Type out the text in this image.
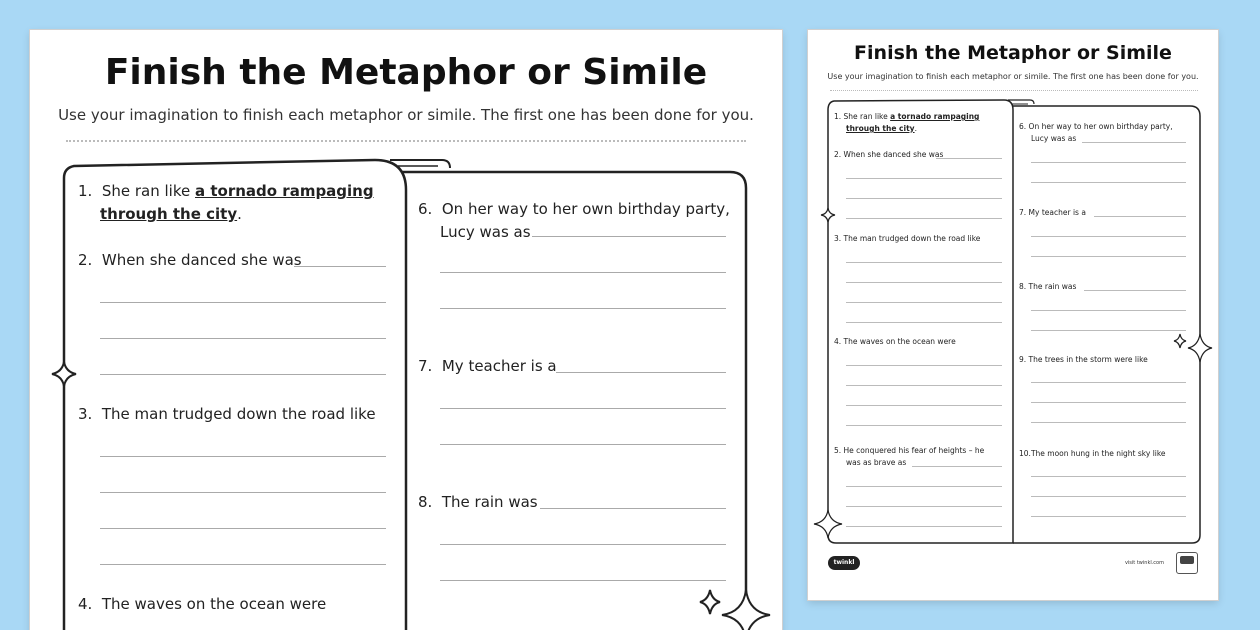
Finish the Metaphor or Simile
Use your imagination to finish each metaphor or simile. The first one has been done for you.
1. She ran like a tornado rampaging
through the city.
2. When she danced she was
3. The man trudged down the road like
4. The waves on the ocean were
6. On her way to her own birthday party,
Lucy was as
7. My teacher is a
8. The rain was
Finish the Metaphor or Simile
Use your imagination to finish each metaphor or simile. The first one has been done for you.
1. She ran like a tornado rampaging
through the city.
2. When she danced she was
3. The man trudged down the road like
4. The waves on the ocean were
5. He conquered his fear of heights – he
was as brave as
6. On her way to her own birthday party,
Lucy was as
7. My teacher is a
8. The rain was
9. The trees in the storm were like
10.The moon hung in the night sky like
twinkl	visit twinkl.com
